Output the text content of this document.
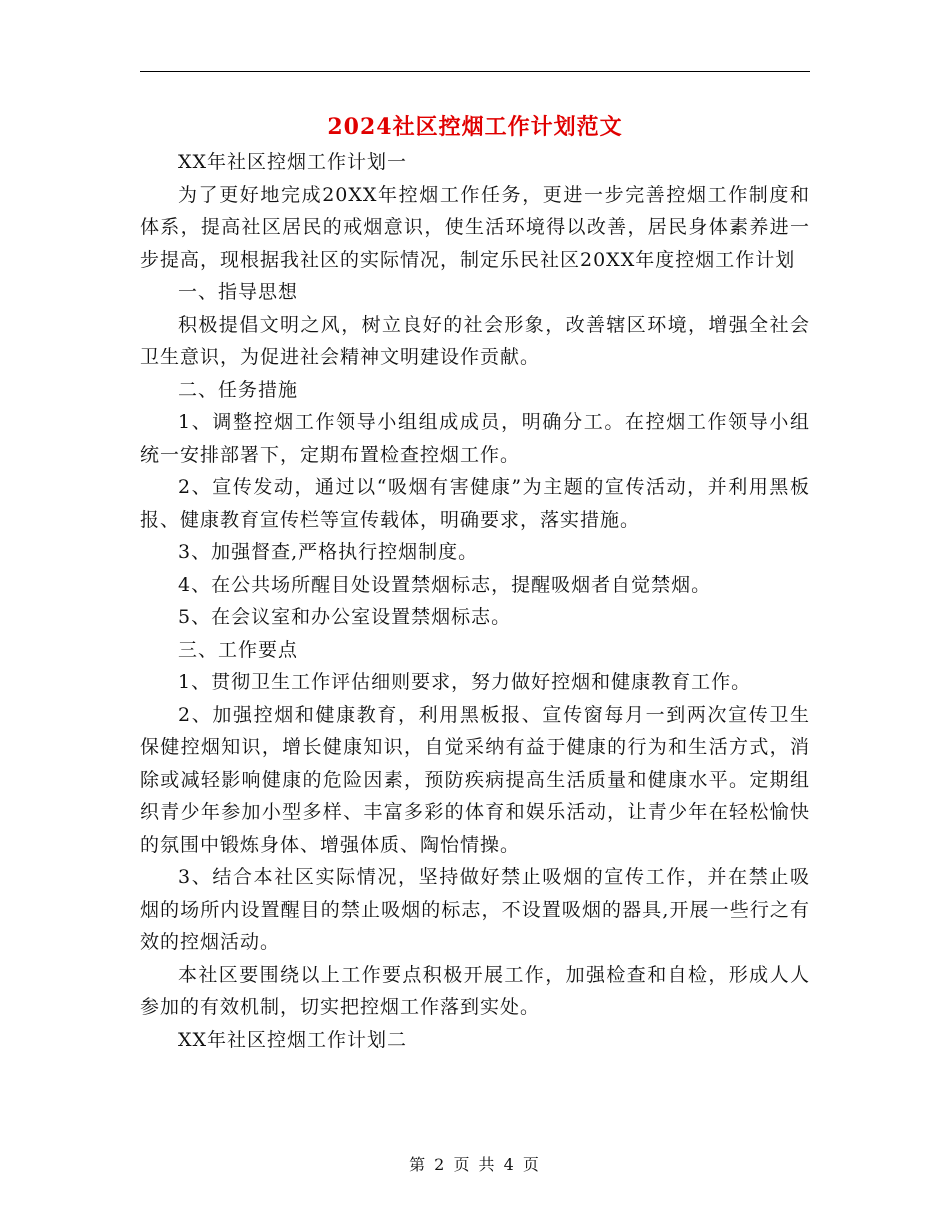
2024社区控烟工作计划范文

XX年社区控烟工作计划一

为了更好地完成20XX年控烟工作任务，更进一步完善控烟工作制度和体系，提高社区居民的戒烟意识，使生活环境得以改善，居民身体素养进一步提高，现根据我社区的实际情况，制定乐民社区20XX年度控烟工作计划

一、指导思想

积极提倡文明之风，树立良好的社会形象，改善辖区环境，增强全社会卫生意识，为促进社会精神文明建设作贡献。

二、任务措施

1、调整控烟工作领导小组组成成员，明确分工。在控烟工作领导小组统一安排部署下，定期布置检查控烟工作。

2、宣传发动，通过以“吸烟有害健康”为主题的宣传活动，并利用黑板报、健康教育宣传栏等宣传载体，明确要求，落实措施。

3、加强督查,严格执行控烟制度。

4、在公共场所醒目处设置禁烟标志，提醒吸烟者自觉禁烟。

5、在会议室和办公室设置禁烟标志。

三、工作要点

1、贯彻卫生工作评估细则要求，努力做好控烟和健康教育工作。

2、加强控烟和健康教育，利用黑板报、宣传窗每月一到两次宣传卫生保健控烟知识，增长健康知识，自觉采纳有益于健康的行为和生活方式，消除或减轻影响健康的危险因素，预防疾病提高生活质量和健康水平。定期组织青少年参加小型多样、丰富多彩的体育和娱乐活动，让青少年在轻松愉快的氛围中锻炼身体、增强体质、陶怡情操。

3、结合本社区实际情况，坚持做好禁止吸烟的宣传工作，并在禁止吸烟的场所内设置醒目的禁止吸烟的标志，不设置吸烟的器具,开展一些行之有效的控烟活动。

本社区要围绕以上工作要点积极开展工作，加强检查和自检，形成人人参加的有效机制，切实把控烟工作落到实处。

XX年社区控烟工作计划二

第 2 页 共 4 页
